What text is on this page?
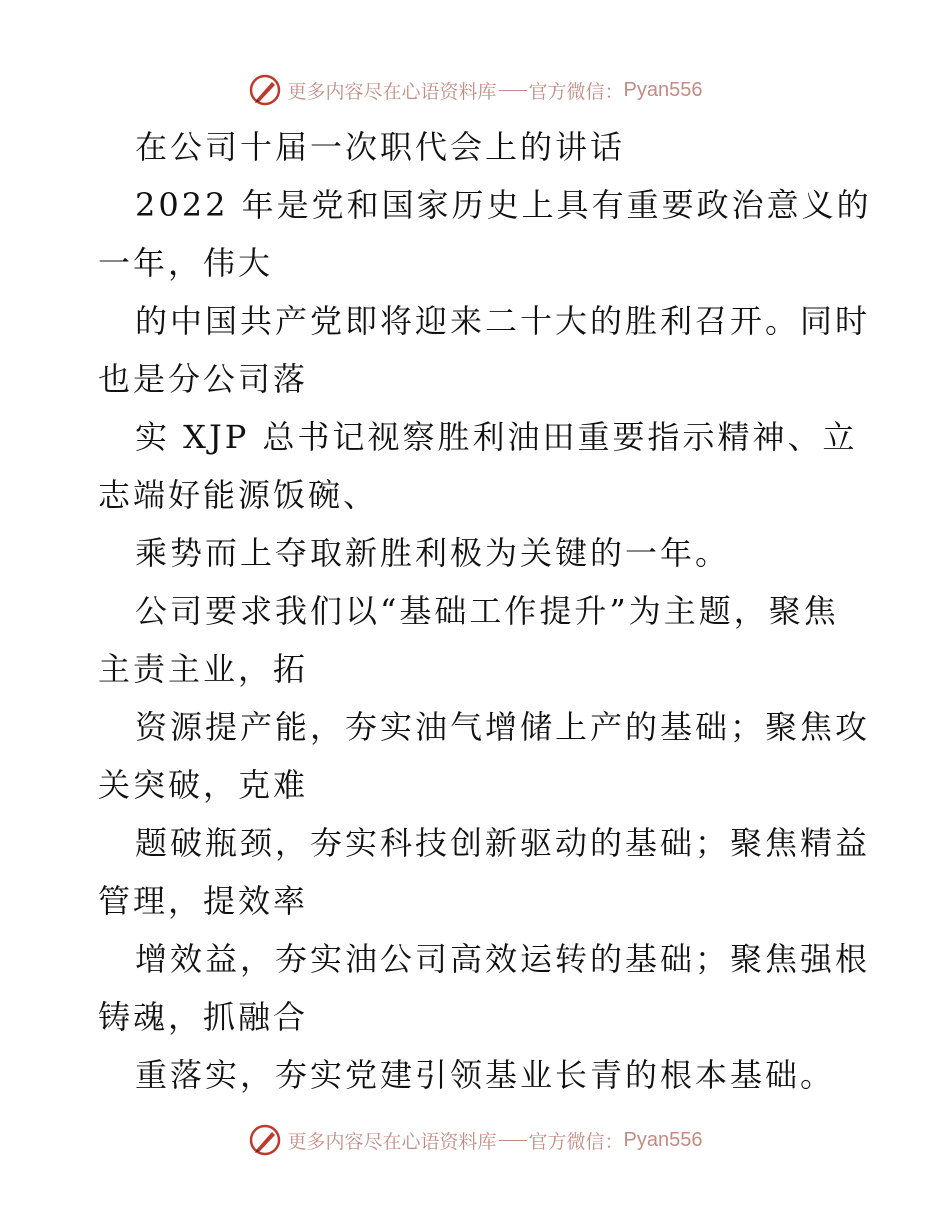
更多内容尽在心语资料库 官方微信： Pyan556

在公司十届一次职代会上的讲话

2022 年是党和国家历史上具有重要政治意义的

一年，伟大

的中国共产党即将迎来二十大的胜利召开。同时

也是分公司落

实 XJP 总书记视察胜利油田重要指示精神、立

志端好能源饭碗、

乘势而上夺取新胜利极为关键的一年。

公司要求我们以“基础工作提升”为主题，聚焦

主责主业，拓

资源提产能，夯实油气增储上产的基础；聚焦攻

关突破，克难

题破瓶颈，夯实科技创新驱动的基础；聚焦精益

管理，提效率

增效益，夯实油公司高效运转的基础；聚焦强根

铸魂，抓融合

重落实，夯实党建引领基业长青的根本基础。

更多内容尽在心语资料库 官方微信： Pyan556
